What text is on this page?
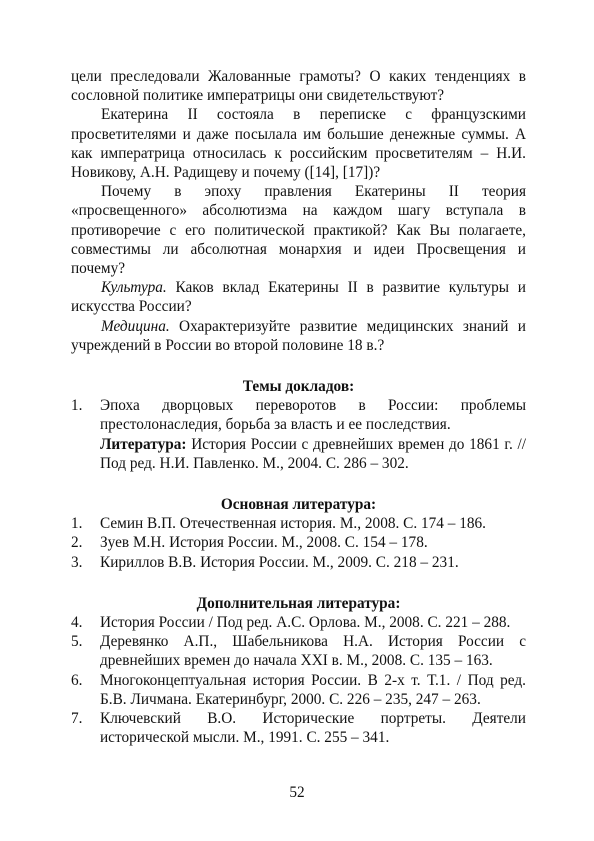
цели преследовали Жалованные грамоты? О каких тенденциях в сословной политике императрицы они свидетельствуют?

Екатерина II состояла в переписке с французскими просветителями и даже посылала им большие денежные суммы. А как императрица относилась к российским просветителям – Н.И. Новикову, А.Н. Радищеву и почему ([14], [17])?

Почему в эпоху правления Екатерины II теория «просвещенного» абсолютизма на каждом шагу вступала в противоречие с его политической практикой? Как Вы полагаете, совместимы ли абсолютная монархия и идеи Просвещения и почему?

Культура. Каков вклад Екатерины II в развитие культуры и искусства России?

Медицина. Охарактеризуйте развитие медицинских знаний и учреждений в России во второй половине 18 в.?

Темы докладов:
1.	Эпоха дворцовых переворотов в России: проблемы престолонаследия, борьба за власть и ее последствия.
Литература: История России с древнейших времен до 1861 г. // Под ред. Н.И. Павленко. М., 2004. С. 286 – 302.
Основная литература:
1.	Семин В.П. Отечественная история. М., 2008. С. 174 – 186.
2.	Зуев М.Н. История России. М., 2008. С. 154 – 178.
3.	Кириллов В.В. История России. М., 2009. С. 218 – 231.
Дополнительная литература:
4.	История России / Под ред. А.С. Орлова. М., 2008. С. 221 – 288.
5.	Деревянко А.П., Шабельникова Н.А. История России с древнейших времен до начала XXI в. М., 2008. С. 135 – 163.
6.	Многоконцептуальная история России. В 2-х т. Т.1. / Под ред. Б.В. Личмана. Екатеринбург, 2000. С. 226 – 235, 247 – 263.
7.	Ключевский В.О. Исторические портреты. Деятели исторической мысли. М., 1991. С. 255 – 341.
52
